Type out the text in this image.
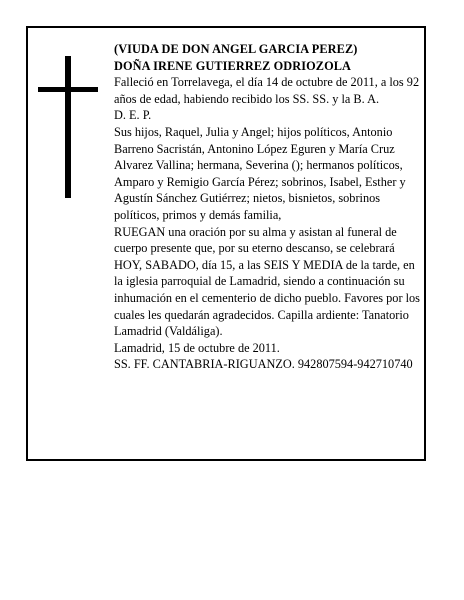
(VIUDA DE DON ANGEL GARCIA PEREZ)

DOÑA IRENE GUTIERREZ ODRIOZOLA

Falleció en Torrelavega, el día 14 de octubre de 2011, a los 92 años de edad, habiendo recibido los SS. SS. y la B. A.

D. E. P.

Sus hijos, Raquel, Julia y Angel; hijos políticos, Antonio Barreno Sacristán, Antonino López Eguren y María Cruz Alvarez Vallina; hermana, Severina (); hermanos políticos, Amparo y Remigio García Pérez; sobrinos, Isabel, Esther y Agustín Sánchez Gutiérrez; nietos, bisnietos, sobrinos políticos, primos y demás familia,

RUEGAN una oración por su alma y asistan al funeral de cuerpo presente que, por su eterno descanso, se celebrará HOY, SABADO, día 15, a las SEIS Y MEDIA de la tarde, en la iglesia parroquial de Lamadrid, siendo a continuación su inhumación en el cementerio de dicho pueblo. Favores por los cuales les quedarán agradecidos. Capilla ardiente: Tanatorio Lamadrid (Valdáliga).

Lamadrid, 15 de octubre de 2011.

SS. FF. CANTABRIA-RIGUANZO. 942807594-942710740
